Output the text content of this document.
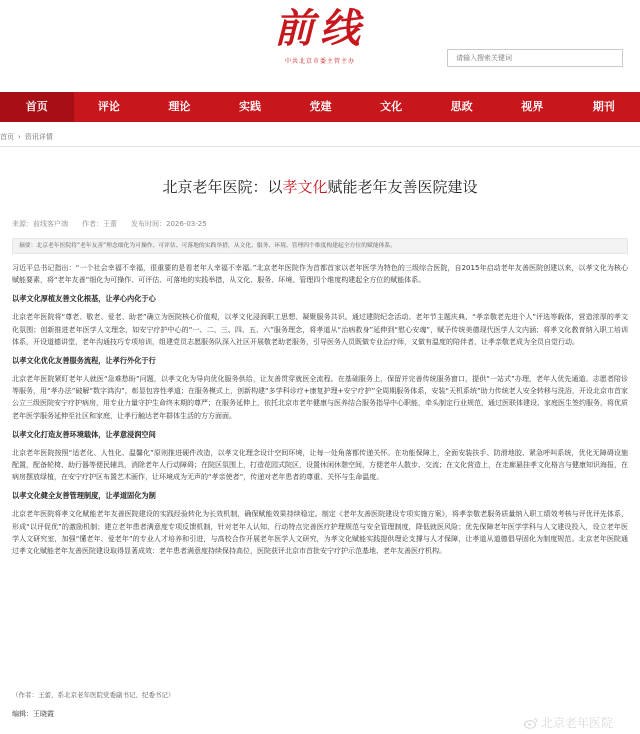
前线
中共北京市委主管主办
请输入搜索关键词
首页	评论	理论	实践	党建	文化	思政	视界	期刊
首页 › 资讯详情
北京老年医院：以孝文化赋能老年友善医院建设
来源：前线客户端 作者：王蕾 发布时间：2026-03-25
摘要：北京老年医院将“老年友善”理念细化为可操作、可评估、可落地的实践举措，从文化、服务、环境、管理四个维度构建起全方位的赋能体系。

习近平总书记指出：“一个社会幸福不幸福，很重要的是看老年人幸福不幸福。”北京老年医院作为首都首家以老年医学为特色的三级综合医院，自2015年启动老年友善医院创建以来，以孝文化为核心赋能要素，将“老年友善”细化为可操作、可评估、可落地的实践举措，从文化、服务、环境、管理四个维度构建起全方位的赋能体系。

以孝文化厚植友善文化根基，让孝心内化于心

北京老年医院将“尊老、敬老、爱老、助老”确立为医院核心价值观，以孝文化浸润职工思想、凝聚服务共识。通过建院纪念活动、老年节主题庆典、“孝亲敬老先进个人”评选等载体，营造浓厚的孝文化氛围；创新推进老年医学人文理念，如安宁疗护中心的“一、二、三、四、五、六”服务理念，将孝道从“治病救身”延伸到“慰心安魂”，赋予传统美德现代医学人文内涵；将孝文化教育纳入职工培训体系，开设道德讲堂，老年沟通技巧专项培训，组建党员志愿服务队深入社区开展敬老助老服务，引导医务人员既做专业治疗师，又做有温度的陪伴者，让孝亲敬老成为全员自觉行动。

以孝文化优化友善服务流程，让孝行外化于行

北京老年医院紧盯老年人就医“急难愁盼”问题，以孝文化为导向优化服务供给，让友善贯穿就医全流程。在基础服务上，保留并完善传统服务窗口，提供“一站式”办理，老年人优先通道、志愿者陪诊等服务，用“孝办法”破解“数字鸿沟”，彰显包容性孝道；在服务模式上，创新构建“多学科诊疗+康复护理+安宁疗护”全周期服务体系，安装“天机系统”助力传统老人安全转移与洗浴，开设北京市首家公立三级医院安宁疗护病房，用专业力量守护生命终末期的尊严；在服务延伸上，依托北京市老年健康与医养结合服务指导中心职能，牵头制定行业规范，通过医联体建设、家庭医生签约服务，将优质老年医学服务延伸至社区和家庭，让孝行触达老年群体生活的方方面面。

以孝文化打造友善环境载体，让孝意浸润空间

北京老年医院按照“适老化、人性化、温馨化”原则推进硬件改造，以孝文化理念设计空间环境，让每一处角落都传递关怀。在功能保障上，全面安装扶手、防滑地胶、紧急呼叫系统，优化无障碍设施配置，配备轮椅、助行器等便民辅具，消除老年人行动障碍；在院区氛围上，打造花园式院区，设置休闲休憩空间，方便老年人散步、交流；在文化营造上，在走廊悬挂孝文化格言与健康知识海报，在病房摆放绿植，在安宁疗护区布置艺术画作，让环境成为无声的“孝亲使者”，传递对老年患者的尊重、关怀与生命温度。

以孝文化健全友善管理制度，让孝道固化为制

北京老年医院将孝文化赋能老年友善医院建设的实践经验转化为长效机制，确保赋能效果持续稳定。制定《老年友善医院建设专项实施方案》，将孝亲敬老服务质量纳入职工绩效考核与评优评先体系，形成“以评促优”的激励机制；建立老年患者满意度专项反馈机制，针对老年人认知、行动特点完善医疗护理规范与安全管理制度，降低就医风险；优先保障老年医学学科与人文建设投入，设立老年医学人文研究室，加强“懂老年、爱老年”的专业人才培养和引进，与高校合作开展老年医学人文研究，为孝文化赋能实践提供理论支撑与人才保障，让孝道从道德倡导固化为制度规范。北京老年医院通过孝文化赋能老年友善医院建设取得显著成效：老年患者满意度持续保持高位，医院获评北京市首批安宁疗护示范基地、老年友善医疗机构。

（作者：王蕾，系北京老年医院党委副书记、纪委书记）
编辑：王晓霞
北京老年医院
